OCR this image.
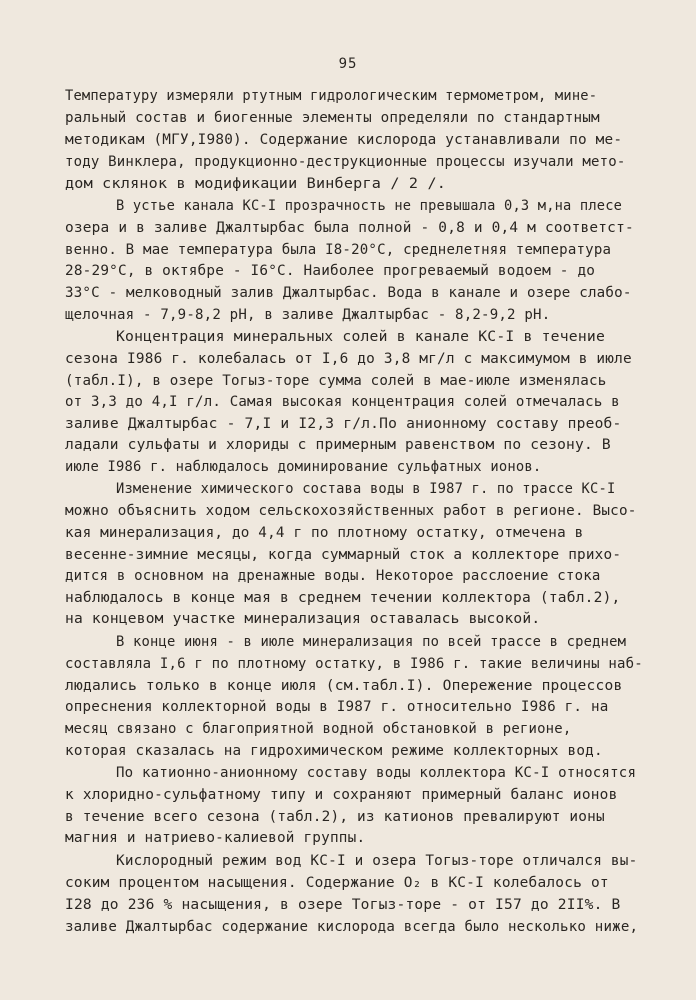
95
Температуру измеряли ртутным гидрологическим термометром, мине-
ральный состав и биогенные элементы определяли по стандартным
методикам (МГУ,I980). Содержание кислорода устанавливали по ме-
тоду Винклера, продукционно-деструкционные процессы изучали мето-
дом склянок в модификации Винберга / 2 /.
В устье канала КС-I прозрачность не превышала 0,3 м,на плесе
озера и в заливе Джалтырбас была полной - 0,8 и 0,4 м соответст-
венно. В мае температура была I8-20°С, среднелетняя температура
28-29°С, в октябре - I6°С. Наиболее прогреваемый водоем - до
33°С - мелководный залив Джалтырбас. Вода в канале и озере слабо-
щелочная - 7,9-8,2 рН, в заливе Джалтырбас - 8,2-9,2 рН.
Концентрация минеральных солей в канале КС-I в течение
сезона I986 г. колебалась от I,6 до 3,8 мг/л с максимумом в июле
(табл.I), в озере Тогыз-торе сумма солей в мае-июле изменялась
от 3,3 до 4,I г/л. Самая высокая концентрация солей отмечалась в
заливе Джалтырбас - 7,I и I2,3 г/л.По анионному составу преоб-
ладали сульфаты и хлориды с примерным равенством по сезону. В
июле I986 г. наблюдалось доминирование сульфатных ионов.
Изменение химического состава воды в I987 г. по трассе КС-I
можно объяснить ходом сельскохозяйственных работ в регионе. Высо-
кая минерализация, до 4,4 г по плотному остатку, отмечена в
весенне-зимние месяцы, когда суммарный сток а коллекторе прихо-
дится в основном на дренажные воды. Некоторое расслоение стока
наблюдалось в конце мая в среднем течении коллектора (табл.2),
на концевом участке минерализация оставалась высокой.
В конце июня - в июле минерализация по всей трассе в среднем
составляла I,6 г по плотному остатку, в I986 г. такие величины наб-
людались только в конце июля (см.табл.I). Опережение процессов
опреснения коллекторной воды в I987 г. относительно I986 г. на
месяц связано с благоприятной водной обстановкой в регионе,
которая сказалась на гидрохимическом режиме коллекторных вод.
По катионно-анионному составу воды коллектора КС-I относятся
к хлоридно-сульфатному типу и сохраняют примерный баланс ионов
в течение всего сезона (табл.2), из катионов превалируют ионы
магния и натриево-калиевой группы.
Кислородный режим вод КС-I и озера Тогыз-торе отличался вы-
соким процентом насыщения. Содержание О₂ в КС-I колебалось от
I28 до 236 % насыщения, в озере Тогыз-торе - от I57 до 2II%. В
заливе Джалтырбас содержание кислорода всегда было несколько ниже,
